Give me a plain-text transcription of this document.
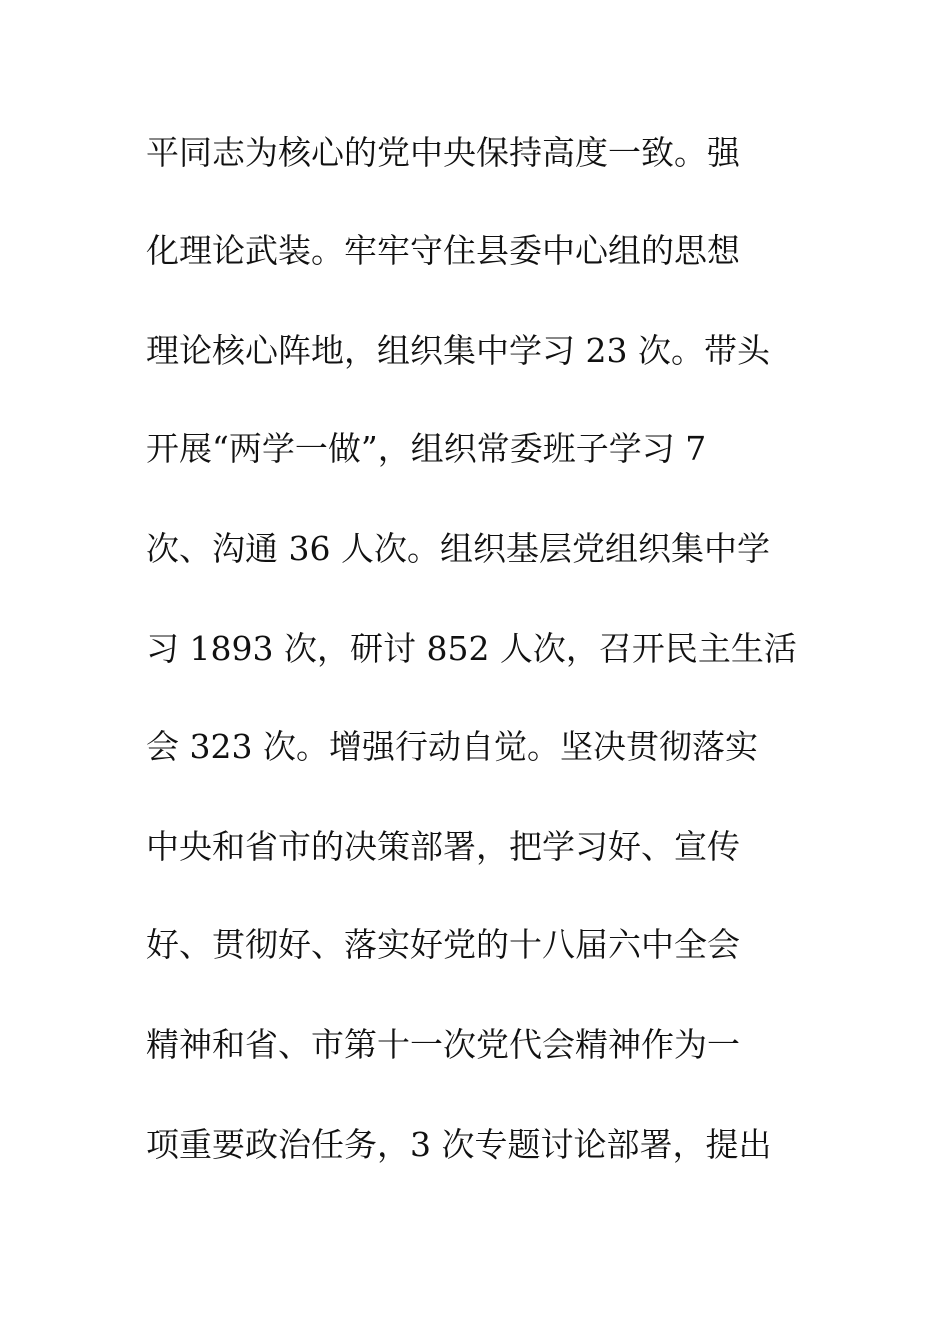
平同志为核心的党中央保持高度一致。强
化理论武装。牢牢守住县委中心组的思想
理论核心阵地，组织集中学习 23 次。带头
开展“两学一做”，组织常委班子学习 7
次、沟通 36 人次。组织基层党组织集中学
习 1893 次，研讨 852 人次，召开民主生活
会 323 次。增强行动自觉。坚决贯彻落实
中央和省市的决策部署，把学习好、宣传
好、贯彻好、落实好党的十八届六中全会
精神和省、市第十一次党代会精神作为一
项重要政治任务，3 次专题讨论部署，提出
